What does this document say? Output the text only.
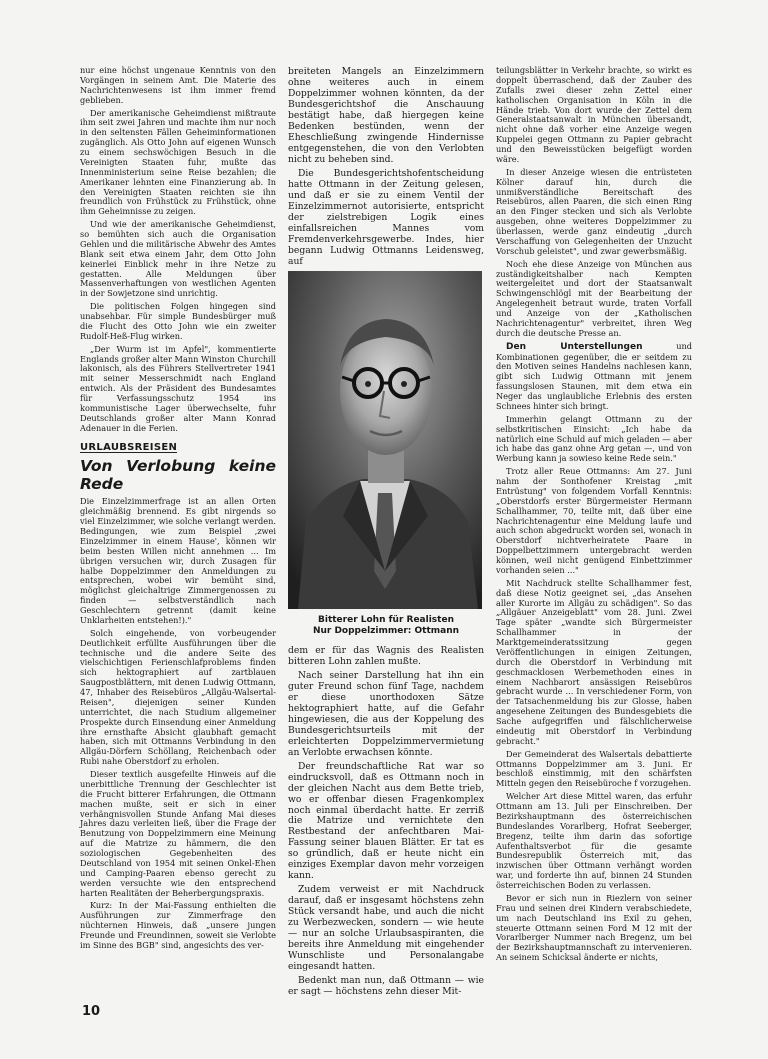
nur eine höchst ungenaue Kenntnis von den Vorgängen in seinem Amt. Die Materie des Nachrichtenwesens ist ihm immer fremd geblieben.

Der amerikanische Geheimdienst mißtraute ihm seit zwei Jahren und machte ihm nur noch in den seltensten Fällen Geheiminformationen zugänglich. Als Otto John auf eigenen Wunsch zu einem sechswöchigen Besuch in die Vereinigten Staaten fuhr, mußte das Innenministerium seine Reise bezahlen; die Amerikaner lehnten eine Finanzierung ab. In den Vereinigten Staaten reichten sie ihn freundlich von Frühstück zu Frühstück, ohne ihm Geheimnisse zu zeigen.

Und wie der amerikanische Geheimdienst, so bemühten sich auch die Organisation Gehlen und die militärische Abwehr des Amtes Blank seit etwa einem Jahr, dem Otto John keinerlei Einblick mehr in ihre Netze zu gestatten. Alle Meldungen über Massenverhaftungen von westlichen Agenten in der Sowjetzone sind unrichtig.

Die politischen Folgen hingegen sind unabsehbar. Für simple Bundesbürger muß die Flucht des Otto John wie ein zweiter Rudolf-Heß-Flug wirken.

„Der Wurm ist im Apfel", kommentierte Englands großer alter Mann Winston Churchill lakonisch, als des Führers Stellvertreter 1941 mit seiner Messerschmidt nach England entwich. Als der Präsident des Bundesamtes für Verfassungsschutz 1954 ins kommunistische Lager überwechselte, fuhr Deutschlands großer alter Mann Konrad Adenauer in die Ferien.

URLAUBSREISEN
Von Verlobung keine Rede

Die Einzelzimmerfrage ist an allen Orten gleichmäßig brennend. Es gibt nirgends so viel Einzelzimmer, wie solche verlangt werden. Bedingungen, wie zum Beispiel ‚zwei Einzelzimmer in einem Hause', können wir beim besten Willen nicht annehmen ... Im übrigen versuchen wir, durch Zusagen für halbe Doppelzimmer den Anmeldungen zu entsprechen, wobei wir bemüht sind, möglichst gleichaltrige Zimmergenossen zu finden — selbstverständlich nach Geschlechtern getrennt (damit keine Unklarheiten entstehen!)."

Solch eingehende, von vorbeugender Deutlichkeit erfüllte Ausführungen über die technische und die andere Seite des vielschichtigen Ferienschlafproblems finden sich hektographiert auf zartblauen Saugpostblättern, mit denen Ludwig Ottmann, 47, Inhaber des Reisebüros „Allgäu-Walsertal-Reisen", diejenigen seiner Kunden unterrichtet, die nach Studium allgemeiner Prospekte durch Einsendung einer Anmeldung ihre ernsthafte Absicht glaubhaft gemacht haben, sich mit Ottmanns Verbindung in den Allgäu-Dörfern Schöllang, Reichenbach oder Rubi nahe Oberstdorf zu erholen.

Dieser textlich ausgefeilte Hinweis auf die unerbittliche Trennung der Geschlechter ist die Frucht bitterer Erfahrungen, die Ottmann machen mußte, seit er sich in einer verhängnisvollen Stunde Anfang Mai dieses Jahres dazu verleiten ließ, über die Frage der Benutzung von Doppelzimmern eine Meinung auf die Matrize zu hämmern, die den soziologischen Gegebenheiten des Deutschland von 1954 mit seinen Onkel-Ehen und Camping-Paaren ebenso gerecht zu werden versuchte wie den entsprechend harten Realitäten der Beherbergungspraxis.

Kurz: In der Mai-Fassung enthielten die Ausführungen zur Zimmerfrage den nüchternen Hinweis, daß „unsere jungen Freunde und Freundinnen, soweit sie Verlobte im Sinne des BGB" sind, angesichts des ver-

breiteten Mangels an Einzelzimmern ohne weiteres auch in einem Doppelzimmer wohnen könnten, da der Bundesgerichtshof die Anschauung bestätigt habe, daß hiergegen keine Bedenken bestünden, wenn der Eheschließung zwingende Hindernisse entgegenstehen, die von den Verlobten nicht zu beheben sind.

Die Bundesgerichtshofentscheidung hatte Ottmann in der Zeitung gelesen, und daß er sie zu einem Ventil der Einzelzimmernot autorisierte, entspricht der zielstrebigen Logik eines einfallsreichen Mannes vom Fremdenverkehrsgewerbe. Indes, hier begann Ludwig Ottmanns Leidensweg, auf

Bitterer Lohn für Realisten
Nur Doppelzimmer: Ottmann

dem er für das Wagnis des Realisten bitteren Lohn zahlen mußte.

Nach seiner Darstellung hat ihn ein guter Freund schon fünf Tage, nachdem er diese unorthodoxen Sätze hektographiert hatte, auf die Gefahr hingewiesen, die aus der Koppelung des Bundesgerichtsurteils mit der erleichterten Doppelzimmervermietung an Verlobte erwachsen könnte.

Der freundschaftliche Rat war so eindrucksvoll, daß es Ottmann noch in der gleichen Nacht aus dem Bette trieb, wo er offenbar diesen Fragenkomplex noch einmal überdacht hatte. Er zerriß die Matrize und vernichtete den Restbestand der anfechtbaren Mai-Fassung seiner blauen Blätter. Er tat es so gründlich, daß er heute nicht ein einziges Exemplar davon mehr vorzeigen kann.

Zudem verweist er mit Nachdruck darauf, daß er insgesamt höchstens zehn Stück versandt habe, und auch die nicht zu Werbezwecken, sondern — wie heute — nur an solche Urlaubsaspiranten, die bereits ihre Anmeldung mit eingehender Wunschliste und Personalangabe eingesandt hatten.

Bedenkt man nun, daß Ottmann — wie er sagt — höchstens zehn dieser Mit-

teilungsblätter in Verkehr brachte, so wirkt es doppelt überraschend, daß der Zauber des Zufalls zwei dieser zehn Zettel einer katholischen Organisation in Köln in die Hände trieb. Von dort wurde der Zettel dem Generalstaatsanwalt in München übersandt, nicht ohne daß vorher eine Anzeige wegen Kuppelei gegen Ottmann zu Papier gebracht und den Beweisstücken beigefügt worden wäre.

In dieser Anzeige wiesen die entrüsteten Kölner darauf hin, durch die unmißverständliche Bereitschaft des Reisebüros, allen Paaren, die sich einen Ring an den Finger stecken und sich als Verlobte ausgeben, ohne weiteres Doppelzimmer zu überlassen, werde ganz eindeutig „durch Verschaffung von Gelegenheiten der Unzucht Vorschub geleistet", und zwar gewerbsmäßig.

Noch ehe diese Anzeige von München aus zuständigkeitshalber nach Kempten weitergeleitet und dort der Staatsanwalt Schwingenschlögl mit der Bearbeitung der Angelegenheit betraut wurde, traten Vorfall und Anzeige von der „Katholischen Nachrichtenagentur" verbreitet, ihren Weg durch die deutsche Presse an.

Den Unterstellungen und Kombinationen gegenüber, die er seitdem zu den Motiven seines Handelns nachlesen kann, gibt sich Ludwig Ottmann mit jenem fassungslosen Staunen, mit dem etwa ein Neger das unglaubliche Erlebnis des ersten Schnees hinter sich bringt.

Immerhin gelangt Ottmann zu der selbstkritischen Einsicht: „Ich habe da natürlich eine Schuld auf mich geladen — aber ich habe das ganz ohne Arg getan —, und von Werbung kann ja sowieso keine Rede sein."

Trotz aller Reue Ottmanns: Am 27. Juni nahm der Sonthofener Kreistag „mit Entrüstung" von folgendem Vorfall Kenntnis: „Oberstdorfs erster Bürgermeister Hermann Schallhammer, 70, teilte mit, daß über eine Nachrichtenagentur eine Meldung laufe und auch schon abgedruckt worden sei, wonach in Oberstdorf nichtverheiratete Paare in Doppelbettzimmern untergebracht werden können, weil nicht genügend Einbettzimmer vorhanden seien ..."

Mit Nachdruck stellte Schallhammer fest, daß diese Notiz geeignet sei, „das Ansehen aller Kurorte im Allgäu zu schädigen". So das „Allgäuer Anzeigeblatt" vom 28. Juni. Zwei Tage später „wandte sich Bürgermeister Schallhammer in der Marktgemeinderatssitzung gegen Veröffentlichungen in einigen Zeitungen, durch die Oberstdorf in Verbindung mit geschmacklosen Werbemethoden eines in einem Nachbarort ansässigen Reisebüros gebracht wurde ... In verschiedener Form, von der Tatsachenmeldung bis zur Glosse, haben angesehene Zeitungen des Bundesgebiets die Sache aufgegriffen und fälschlicherweise eindeutig mit Oberstdorf in Verbindung gebracht."

Der Gemeinderat des Walsertals debattierte Ottmanns Doppelzimmer am 3. Juni. Er beschloß einstimmig, mit den schärfsten Mitteln gegen den Reisebüroche f vorzugehen.

Welcher Art diese Mittel waren, das erfuhr Ottmann am 13. Juli per Einschreiben. Der Bezirkshauptmann des österreichischen Bundeslandes Vorarlberg, Hofrat Seeberger, Bregenz, teilte ihm darin das sofortige Aufenthaltsverbot für die gesamte Bundesrepublik Österreich mit, das inzwischen über Ottmann verhängt worden war, und forderte ihn auf, binnen 24 Stunden österreichischen Boden zu verlassen.

Bevor er sich nun in Riezlern von seiner Frau und seinen drei Kindern verabschiedete, um nach Deutschland ins Exil zu gehen, steuerte Ottmann seinen Ford M 12 mit der Vorarlberger Nummer nach Bregenz, um bei der Bezirkshauptmannschaft zu intervenieren. An seinem Schicksal änderte er nichts,

10
